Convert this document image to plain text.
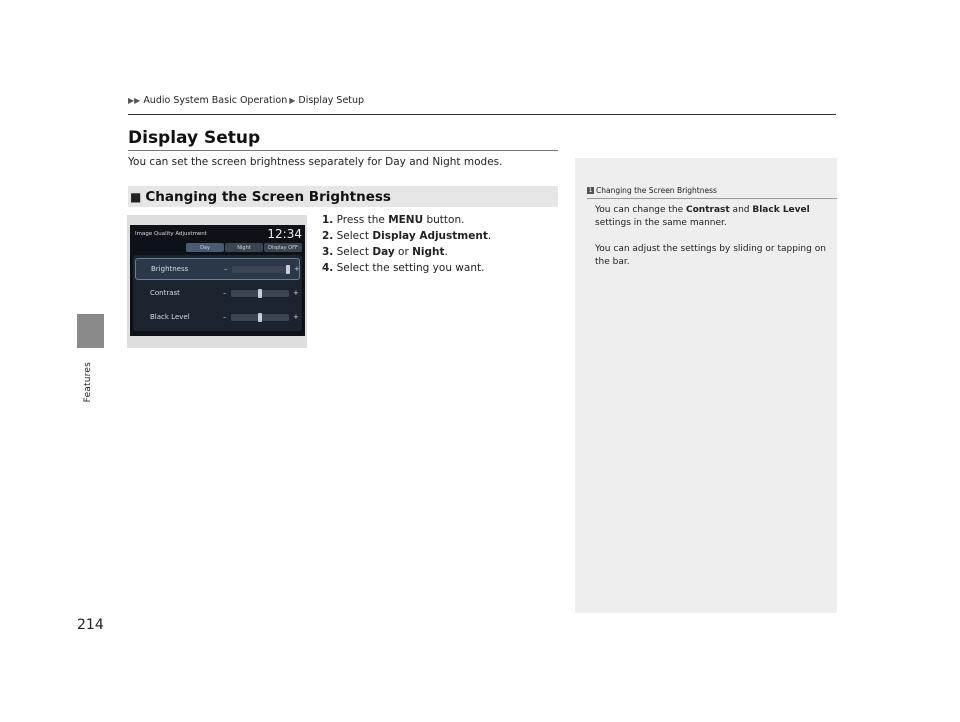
▶▶ Audio System Basic Operation ▶ Display Setup
Features
214
Display Setup
You can set the screen brightness separately for Day and Night modes.
■ Changing the Screen Brightness
1. Press the MENU button.
2. Select Display Adjustment.
3. Select Day or Night.
4. Select the setting you want.
Image Quality Adjustment	12:34
Day	Night	Display OFF
Brightness	–	+
Contrast	–	+
Black Level	–	+
1 Changing the Screen Brightness

You can change the Contrast and Black Level settings in the same manner.

You can adjust the settings by sliding or tapping on the bar.
